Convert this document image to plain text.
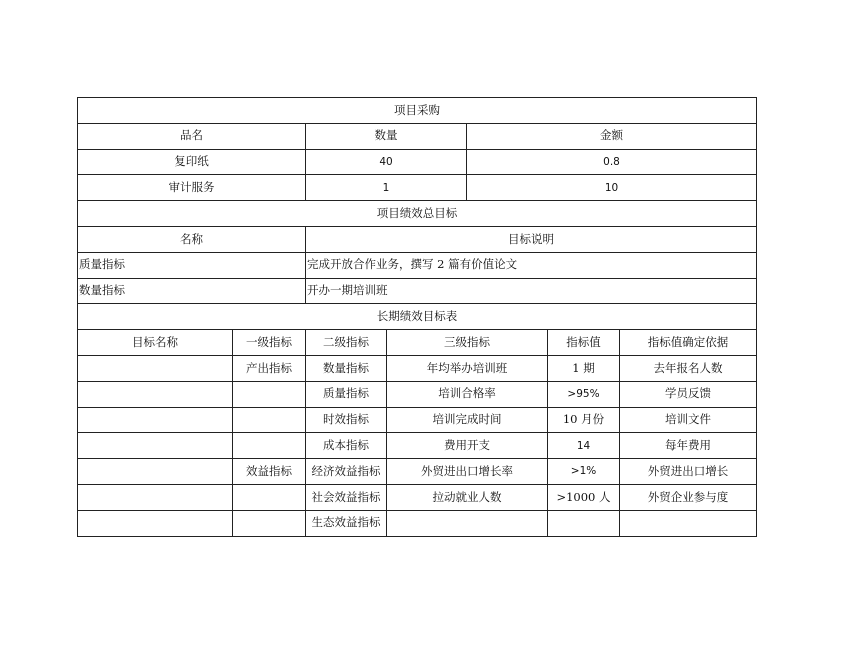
项目采购		
品名	数量	金额
复印纸	40	0.8
审计服务	1	10
项目绩效总目标	
名称	目标说明
质量指标	完成开放合作业务，撰写 2 篇有价值论文
数量指标	开办一期培训班
长期绩效目标表					
目标名称	一级指标	二级指标	三级指标	指标值	指标值确定依据
	产出指标	数量指标	年均举办培训班	1 期	去年报名人数
		质量指标	培训合格率	>95%	学员反馈
		时效指标	培训完成时间	10 月份	培训文件
		成本指标	费用开支	14	每年费用
	效益指标	经济效益指标	外贸进出口增长率	>1%	外贸进出口增长
		社会效益指标	拉动就业人数	>1000 人	外贸企业参与度
		生态效益指标			
